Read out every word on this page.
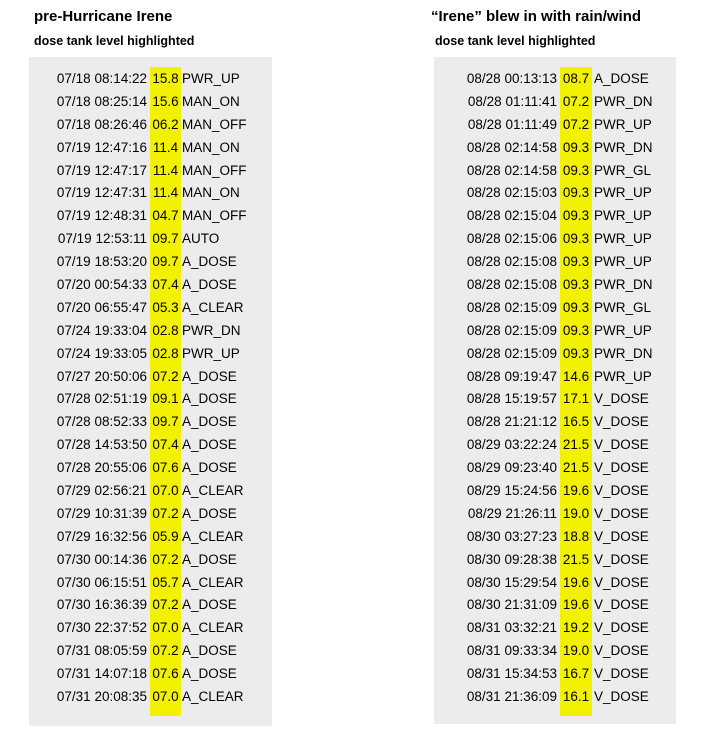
pre-Hurricane Irene
dose tank level highlighted
07/18 08:14:22 15.8 PWR_UP
07/18 08:25:14 15.6 MAN_ON
07/18 08:26:46 06.2 MAN_OFF
07/19 12:47:16 11.4 MAN_ON
07/19 12:47:17 11.4 MAN_OFF
07/19 12:47:31 11.4 MAN_ON
07/19 12:48:31 04.7 MAN_OFF
07/19 12:53:11 09.7 AUTO
07/19 18:53:20 09.7 A_DOSE
07/20 00:54:33 07.4 A_DOSE
07/20 06:55:47 05.3 A_CLEAR
07/24 19:33:04 02.8 PWR_DN
07/24 19:33:05 02.8 PWR_UP
07/27 20:50:06 07.2 A_DOSE
07/28 02:51:19 09.1 A_DOSE
07/28 08:52:33 09.7 A_DOSE
07/28 14:53:50 07.4 A_DOSE
07/28 20:55:06 07.6 A_DOSE
07/29 02:56:21 07.0 A_CLEAR
07/29 10:31:39 07.2 A_DOSE
07/29 16:32:56 05.9 A_CLEAR
07/30 00:14:36 07.2 A_DOSE
07/30 06:15:51 05.7 A_CLEAR
07/30 16:36:39 07.2 A_DOSE
07/30 22:37:52 07.0 A_CLEAR
07/31 08:05:59 07.2 A_DOSE
07/31 14:07:18 07.6 A_DOSE
07/31 20:08:35 07.0 A_CLEAR
“Irene” blew in with rain/wind
dose tank level highlighted
08/28 00:13:13 08.7 A_DOSE
08/28 01:11:41 07.2 PWR_DN
08/28 01:11:49 07.2 PWR_UP
08/28 02:14:58 09.3 PWR_DN
08/28 02:14:58 09.3 PWR_GL
08/28 02:15:03 09.3 PWR_UP
08/28 02:15:04 09.3 PWR_UP
08/28 02:15:06 09.3 PWR_UP
08/28 02:15:08 09.3 PWR_UP
08/28 02:15:08 09.3 PWR_DN
08/28 02:15:09 09.3 PWR_GL
08/28 02:15:09 09.3 PWR_UP
08/28 02:15:09 09.3 PWR_DN
08/28 09:19:47 14.6 PWR_UP
08/28 15:19:57 17.1 V_DOSE
08/28 21:21:12 16.5 V_DOSE
08/29 03:22:24 21.5 V_DOSE
08/29 09:23:40 21.5 V_DOSE
08/29 15:24:56 19.6 V_DOSE
08/29 21:26:11 19.0 V_DOSE
08/30 03:27:23 18.8 V_DOSE
08/30 09:28:38 21.5 V_DOSE
08/30 15:29:54 19.6 V_DOSE
08/30 21:31:09 19.6 V_DOSE
08/31 03:32:21 19.2 V_DOSE
08/31 09:33:34 19.0 V_DOSE
08/31 15:34:53 16.7 V_DOSE
08/31 21:36:09 16.1 V_DOSE
